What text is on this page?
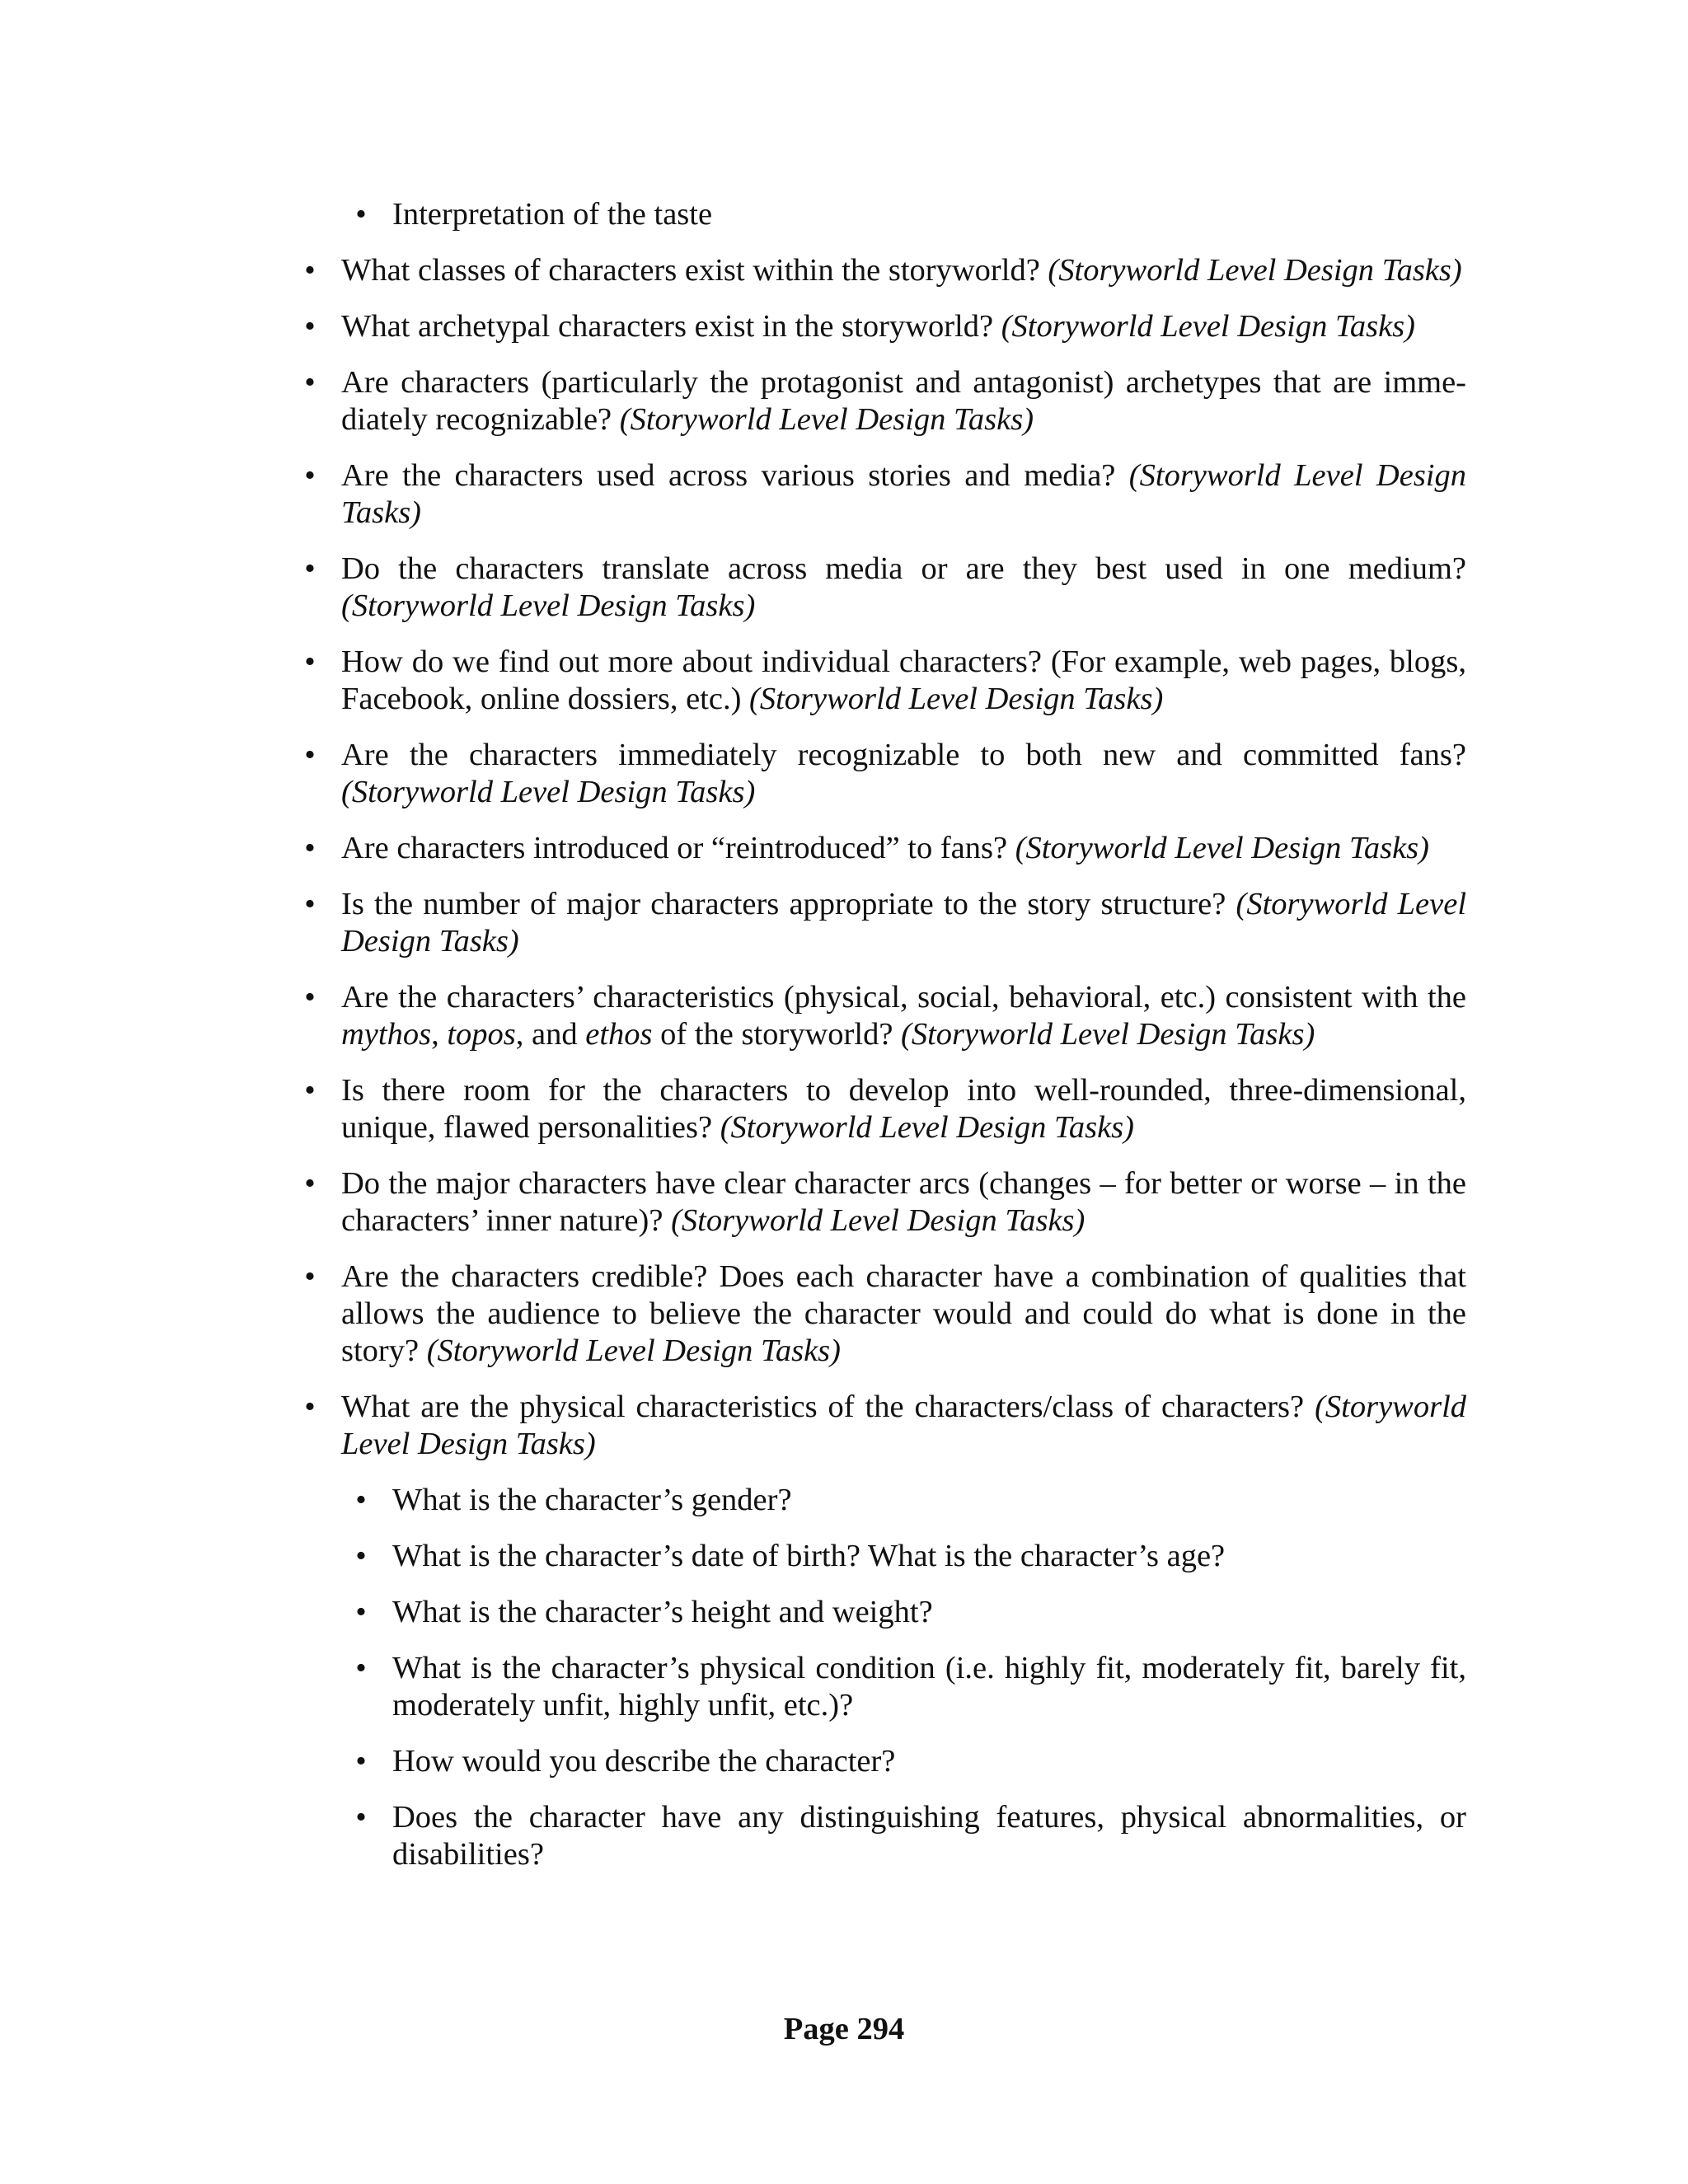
• Interpretation of the taste
• What classes of characters exist within the storyworld? (Storyworld Level Design Tasks)
• What archetypal characters exist in the storyworld? (Storyworld Level Design Tasks)
• Are characters (particularly the protagonist and antagonist) archetypes that are immediately recognizable? (Storyworld Level Design Tasks)
• Are the characters used across various stories and media? (Storyworld Level Design Tasks)
• Do the characters translate across media or are they best used in one medium? (Storyworld Level Design Tasks)
• How do we find out more about individual characters? (For example, web pages, blogs, Facebook, online dossiers, etc.) (Storyworld Level Design Tasks)
• Are the characters immediately recognizable to both new and committed fans? (Storyworld Level Design Tasks)
• Are characters introduced or “reintroduced” to fans? (Storyworld Level Design Tasks)
• Is the number of major characters appropriate to the story structure? (Storyworld Level Design Tasks)
• Are the characters’ characteristics (physical, social, behavioral, etc.) consistent with the mythos, topos, and ethos of the storyworld? (Storyworld Level Design Tasks)
• Is there room for the characters to develop into well-rounded, three-dimensional, unique, flawed personalities? (Storyworld Level Design Tasks)
• Do the major characters have clear character arcs (changes – for better or worse – in the characters’ inner nature)? (Storyworld Level Design Tasks)
• Are the characters credible? Does each character have a combination of qualities that allows the audience to believe the character would and could do what is done in the story? (Storyworld Level Design Tasks)
• What are the physical characteristics of the characters/class of characters? (Storyworld Level Design Tasks)
• What is the character’s gender?
• What is the character’s date of birth? What is the character’s age?
• What is the character’s height and weight?
• What is the character’s physical condition (i.e. highly fit, moderately fit, barely fit, moderately unfit, highly unfit, etc.)?
• How would you describe the character?
• Does the character have any distinguishing features, physical abnormalities, or disabilities?
Page 294
